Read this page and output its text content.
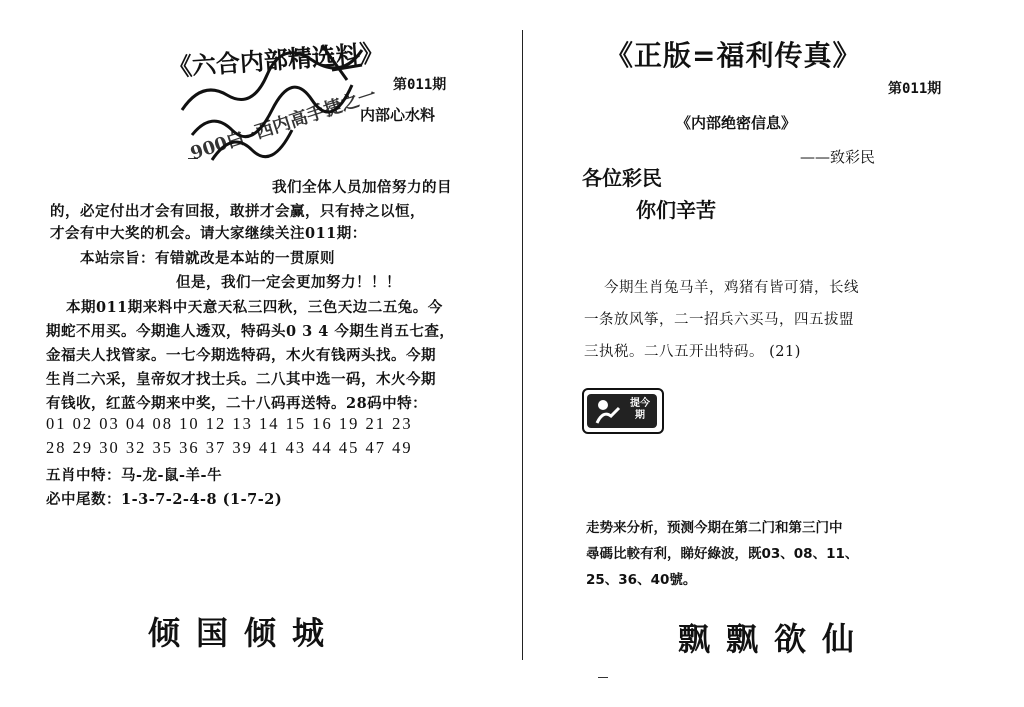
《六合内部精选料》
第011期
内部心水料
900白 ·西内高手捷之一
我们全体人员加倍努力的目
的，必定付出才会有回报，敢拼才会赢，只有持之以恒，
才会有中大奖的机会。请大家继续关注011期：
本站宗旨：有错就改是本站的一贯原则
但是，我们一定会更加努力！！！
本期011期来料中天意天私三四秋，三色天边二五兔。今
期蛇不用买。今期進人透双，特码头0 3 4 今期生肖五七查，
金福夫人找管家。一七今期选特码，木火有钱两头找。今期
生肖二六采，皇帝奴才找士兵。二八其中选一码，木火今期
有钱收，红蓝今期来中奖，二十八码再送特。28码中特：
01 02 03 04 08 10 12 13 14 15 16 19 21 23
28 29 30 32 35 36 37 39 41 43 44 45 47 49
五肖中特：马-龙-鼠-羊-牛
必中尾数：1-3-7-2-4-8 (1-7-2)
倾国倾城
《正版=福利传真》
第011期
《内部绝密信息》
——致彩民
各位彩民
你们辛苦
今期生肖兔马羊，鸡猪有皆可猜，长线
一条放风筝，二一招兵六买马，四五拔盟
三执税。二八五开出特码。 (21)
提今期
走势来分析，预测今期在第二门和第三门中
尋碼比較有利，睇好綠波，既03、08、11、
25、36、40號。
飘飘欲仙
